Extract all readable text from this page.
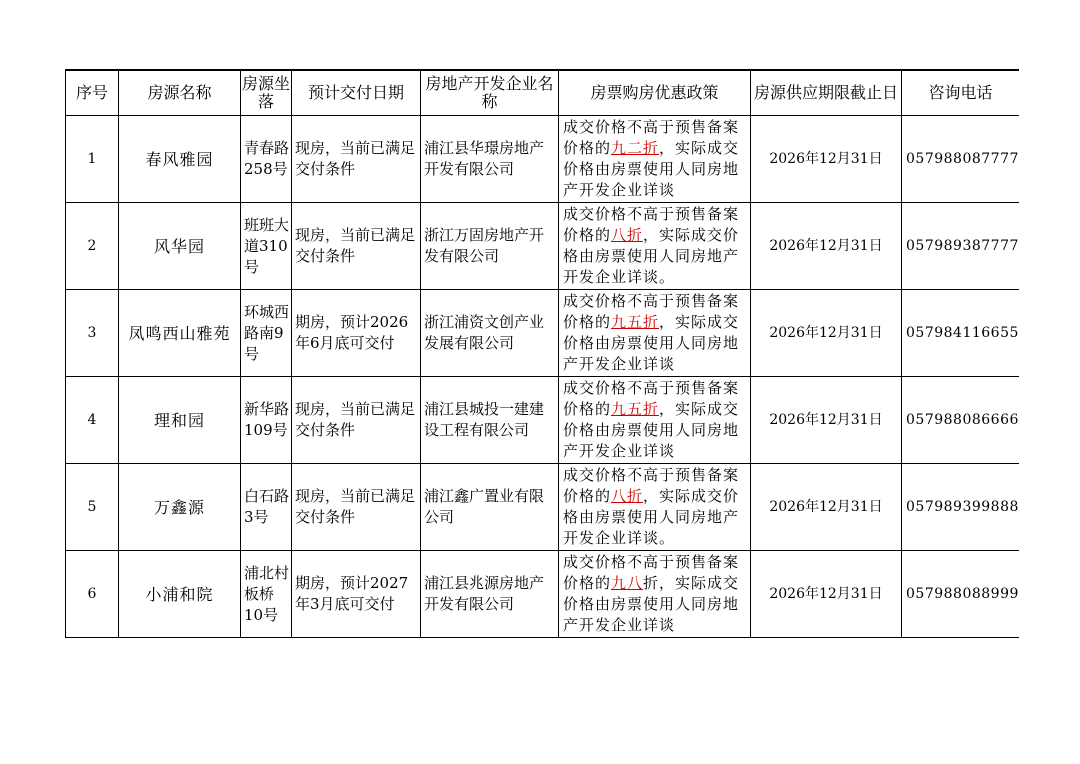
序号	房源名称	房源坐落	预计交付日期	房地产开发企业名称	房票购房优惠政策	房源供应期限截止日	咨询电话
1	春风雅园	青春路258号	现房，当前已满足交付条件	浦江县华璟房地产开发有限公司	成交价格不高于预售备案价格的九二折，实际成交价格由房票使用人同房地产开发企业详谈	2026年12月31日	057988087777
2	风华园	班班大道310号	现房，当前已满足交付条件	浙江万固房地产开发有限公司	成交价格不高于预售备案价格的八折，实际成交价格由房票使用人同房地产开发企业详谈。	2026年12月31日	057989387777
3	凤鸣西山雅苑	环城西路南9号	期房，预计2026年6月底可交付	浙江浦资文创产业发展有限公司	成交价格不高于预售备案价格的九五折，实际成交价格由房票使用人同房地产开发企业详谈	2026年12月31日	057984116655
4	理和园	新华路109号	现房，当前已满足交付条件	浦江县城投一建建设工程有限公司	成交价格不高于预售备案价格的九五折，实际成交价格由房票使用人同房地产开发企业详谈	2026年12月31日	057988086666
5	万鑫源	白石路3号	现房，当前已满足交付条件	浦江鑫广置业有限公司	成交价格不高于预售备案价格的八折，实际成交价格由房票使用人同房地产开发企业详谈。	2026年12月31日	057989399888
6	小浦和院	浦北村板桥10号	期房，预计2027年3月底可交付	浦江县兆源房地产开发有限公司	成交价格不高于预售备案价格的九八折，实际成交价格由房票使用人同房地产开发企业详谈	2026年12月31日	057988088999
